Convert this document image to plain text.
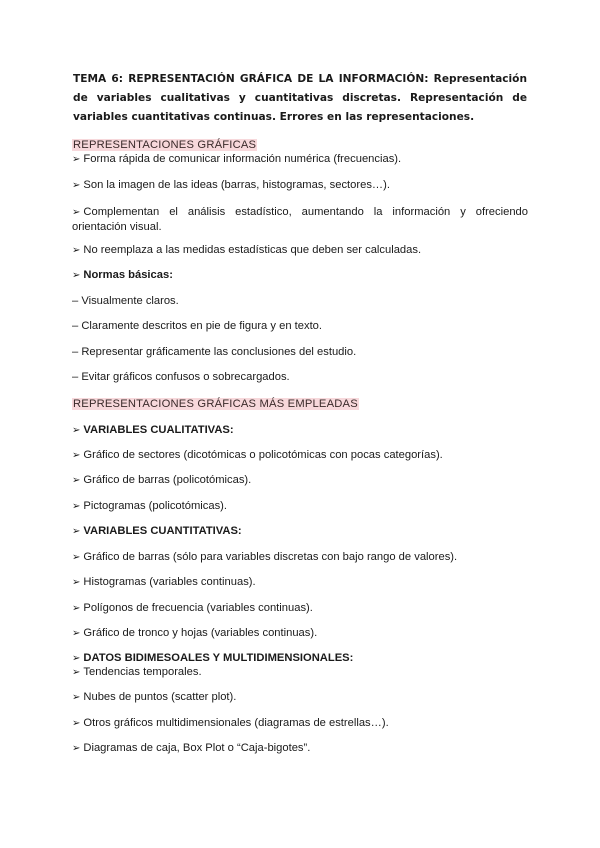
TEMA 6: REPRESENTACIÓN GRÁFICA DE LA INFORMACIÓN: Representación de variables cualitativas y cuantitativas discretas. Representación de variables cuantitativas continuas. Errores en las representaciones.

REPRESENTACIONES GRÁFICAS

➢ Forma rápida de comunicar información numérica (frecuencias).

➢ Son la imagen de las ideas (barras, histogramas, sectores…).

➢ Complementan el análisis estadístico, aumentando la información y ofreciendo orientación visual.

➢ No reemplaza a las medidas estadísticas que deben ser calculadas.

➢ Normas básicas:

– Visualmente claros.

– Claramente descritos en pie de figura y en texto.

– Representar gráficamente las conclusiones del estudio.

– Evitar gráficos confusos o sobrecargados.

REPRESENTACIONES GRÁFICAS MÁS EMPLEADAS

➢ VARIABLES CUALITATIVAS:

➢ Gráfico de sectores (dicotómicas o policotómicas con pocas categorías).

➢ Gráfico de barras (policotómicas).

➢ Pictogramas (policotómicas).

➢ VARIABLES CUANTITATIVAS:

➢ Gráfico de barras (sólo para variables discretas con bajo rango de valores).

➢ Histogramas (variables continuas).

➢ Polígonos de frecuencia (variables continuas).

➢ Gráfico de tronco y hojas (variables continuas).

➢ DATOS BIDIMESOALES Y MULTIDIMENSIONALES:

➢ Tendencias temporales.

➢ Nubes de puntos (scatter plot).

➢ Otros gráficos multidimensionales (diagramas de estrellas…).

➢ Diagramas de caja, Box Plot o “Caja-bigotes”.
